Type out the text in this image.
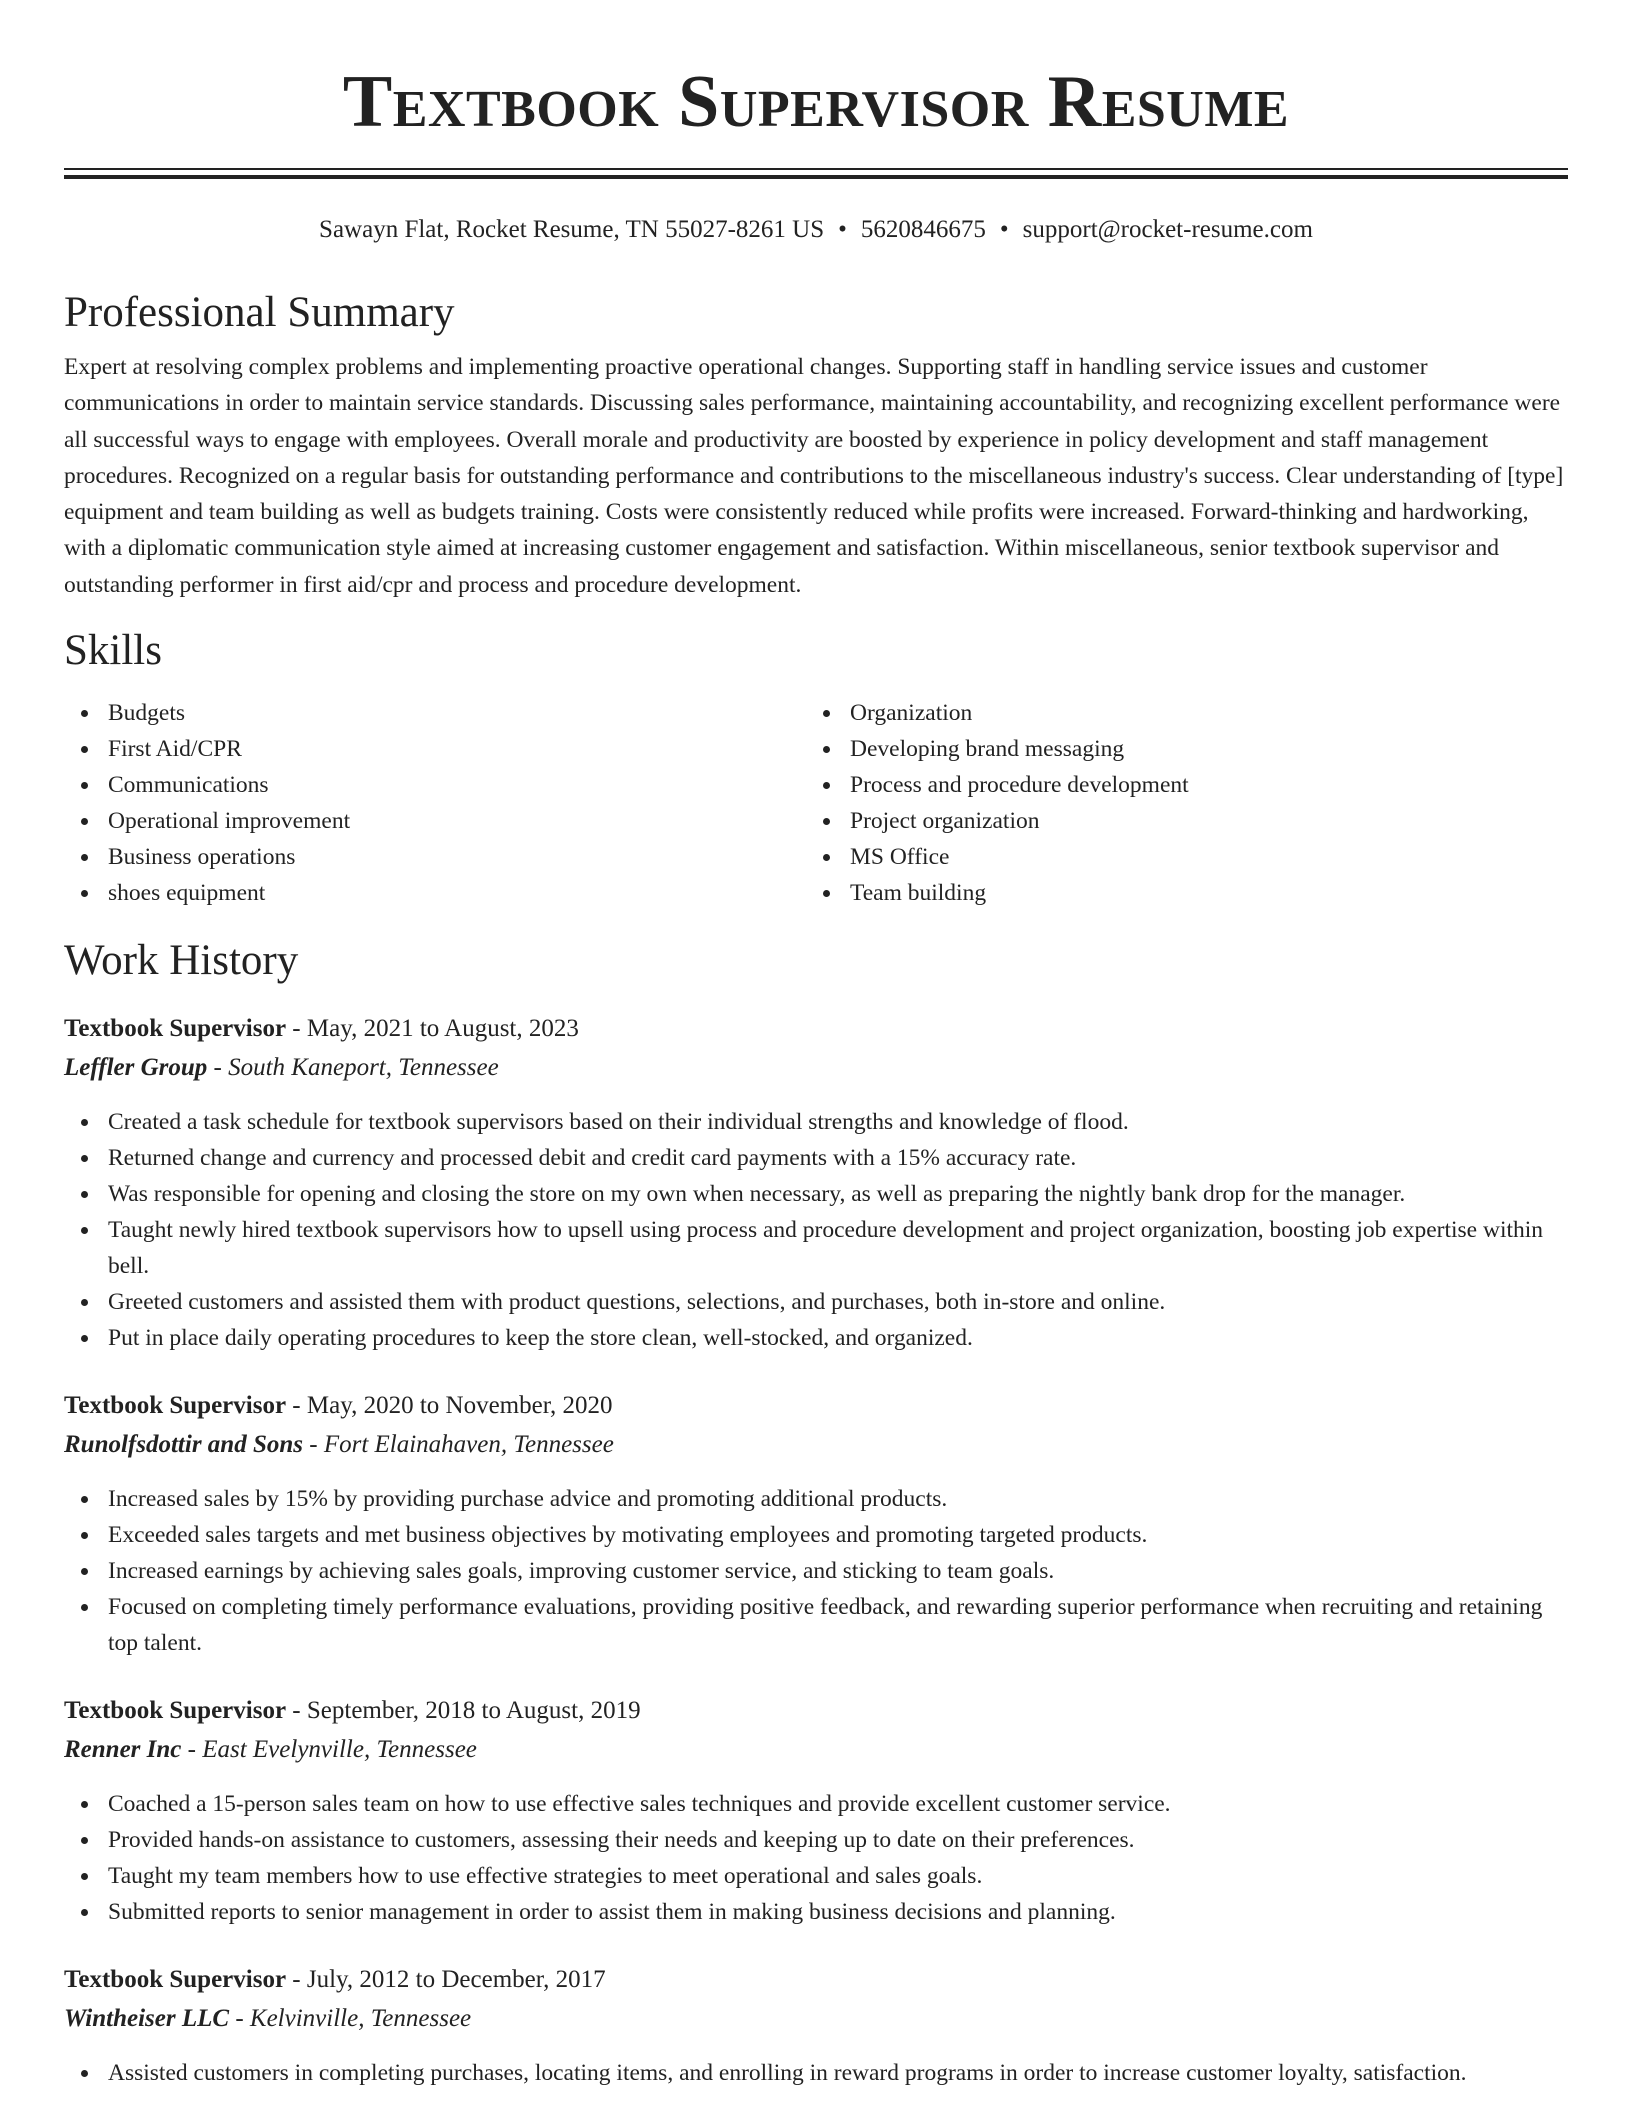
Textbook Supervisor Resume
Sawayn Flat, Rocket Resume, TN 55027-8261 US • 5620846675 • support@rocket-resume.com
Professional Summary

Expert at resolving complex problems and implementing proactive operational changes. Supporting staff in handling service issues and customer communications in order to maintain service standards. Discussing sales performance, maintaining accountability, and recognizing excellent performance were all successful ways to engage with employees. Overall morale and productivity are boosted by experience in policy development and staff management procedures. Recognized on a regular basis for outstanding performance and contributions to the miscellaneous industry's success. Clear understanding of [type] equipment and team building as well as budgets training. Costs were consistently reduced while profits were increased. Forward-thinking and hardworking, with a diplomatic communication style aimed at increasing customer engagement and satisfaction. Within miscellaneous, senior textbook supervisor and outstanding performer in first aid/cpr and process and procedure development.

Skills
Budgets
First Aid/CPR
Communications
Operational improvement
Business operations
shoes equipment
Organization
Developing brand messaging
Process and procedure development
Project organization
MS Office
Team building
Work History
Textbook Supervisor - May, 2021 to August, 2023
Leffler Group - South Kaneport, Tennessee
Created a task schedule for textbook supervisors based on their individual strengths and knowledge of flood.
Returned change and currency and processed debit and credit card payments with a 15% accuracy rate.
Was responsible for opening and closing the store on my own when necessary, as well as preparing the nightly bank drop for the manager.
Taught newly hired textbook supervisors how to upsell using process and procedure development and project organization, boosting job expertise within bell.
Greeted customers and assisted them with product questions, selections, and purchases, both in-store and online.
Put in place daily operating procedures to keep the store clean, well-stocked, and organized.
Textbook Supervisor - May, 2020 to November, 2020
Runolfsdottir and Sons - Fort Elainahaven, Tennessee
Increased sales by 15% by providing purchase advice and promoting additional products.
Exceeded sales targets and met business objectives by motivating employees and promoting targeted products.
Increased earnings by achieving sales goals, improving customer service, and sticking to team goals.
Focused on completing timely performance evaluations, providing positive feedback, and rewarding superior performance when recruiting and retaining top talent.
Textbook Supervisor - September, 2018 to August, 2019
Renner Inc - East Evelynville, Tennessee
Coached a 15-person sales team on how to use effective sales techniques and provide excellent customer service.
Provided hands-on assistance to customers, assessing their needs and keeping up to date on their preferences.
Taught my team members how to use effective strategies to meet operational and sales goals.
Submitted reports to senior management in order to assist them in making business decisions and planning.
Textbook Supervisor - July, 2012 to December, 2017
Wintheiser LLC - Kelvinville, Tennessee
Assisted customers in completing purchases, locating items, and enrolling in reward programs in order to increase customer loyalty, satisfaction.
